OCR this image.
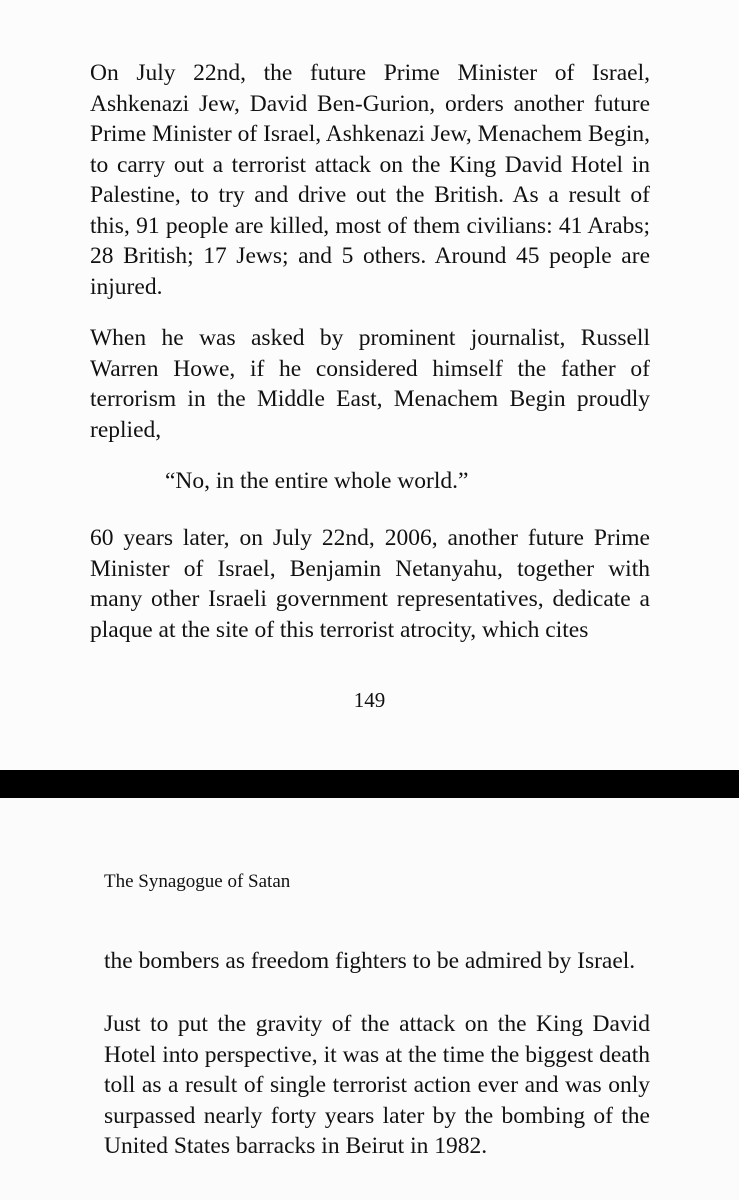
On July 22nd, the future Prime Minister of Israel, Ashkenazi Jew, David Ben-Gurion, orders another future Prime Minister of Israel, Ashkenazi Jew, Menachem Begin, to carry out a terrorist attack on the King David Hotel in Palestine, to try and drive out the British. As a result of this, 91 people are killed, most of them civilians: 41 Arabs; 28 British; 17 Jews; and 5 others. Around 45 people are injured.

When he was asked by prominent journalist, Russell Warren Howe, if he considered himself the father of terrorism in the Middle East, Menachem Begin proudly replied,

“No, in the entire whole world.”

60 years later, on July 22nd, 2006, another future Prime Minister of Israel, Benjamin Netanyahu, together with many other Israeli government representatives, dedicate a plaque at the site of this terrorist atrocity, which cites

149

The Synagogue of Satan

the bombers as freedom fighters to be admired by Israel.

Just to put the gravity of the attack on the King David Hotel into perspective, it was at the time the biggest death toll as a result of single terrorist action ever and was only surpassed nearly forty years later by the bombing of the United States barracks in Beirut in 1982.
